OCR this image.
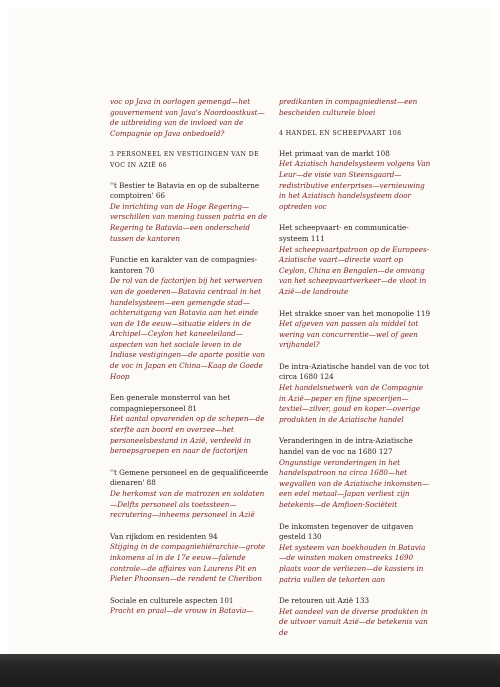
voc op Java in oorlogen gemengd—het gouvernement van Java's Noordoostkust—de uitbreiding van de invloed van de Compagnie op Java onbedoeld?
3 PERSONEEL EN VESTIGINGEN VAN DE VOC IN AZIË 66
''t Bestier te Batavia en op de subalterne comptoiren' 66
De inrichting van de Hoge Regering—verschillen van mening tussen patria en de Regering te Batavia—een onderscheid tussen de kantoren
Functie en karakter van de compagnies-kantoren 70
De rol van de factorijen bij het verwerven van de goederen—Batavia centraal in het handelsysteem—een gemengde stad—achteruitgang van Batavia aan het einde van de 18e eeuw—situatie elders in de Archipel—Ceylon het kaneeleiland—aspecten van het sociale leven in de Indiase vestigingen—de aparte positie van de voc in Japan en China—Kaap de Goede Hoop
Een generale monsterrol van het compagniepersoneel 81
Het aantal opvarenden op de schepen—de sterfte aan boord en overzee—het personeelsbestand in Azië, verdeeld in beroepsgroepen en naar de factorijen
''t Gemene personeel en de gequalificeerde dienaren' 88
De herkomst van de matrozen en soldaten—Delfts personeel als toetssteen—recrutering—inheems personeel in Azië
Van rijkdom en residenten 94
Stijging in de compagniehiërarchie—grote inkomens al in de 17e eeuw—falende controle—de affaires van Laurens Pit en Pieter Phoonsen—de rendent te Cheribon
Sociale en culturele aspecten 101
Pracht en praal—de vrouw in Batavia—
predikanten in compagniedienst—een bescheiden culturele bloei
4 HANDEL EN SCHEEPVAART 108
Het primaat van de markt 108
Het Aziatisch handelsysteem volgens Van Leur—de visie van Steensgaard—redistributive enterprises—vernieuwing in het Aziatisch handelsysteem door optreden voc
Het scheepvaart- en communicatie-systeem 111
Het scheepvaartpatroon op de Europees-Aziatische vaart—directe vaart op Ceylon, China en Bengalen—de omvang van het scheepvaartverkeer—de vloot in Azië—de landroute
Het strakke snoer van het monopolie 119
Het afgeven van passen als middel tot wering van concurrentie—wel of geen vrijhandel?
De intra-Aziatische handel van de voc tot circa 1680 124
Het handelsnetwerk van de Compagnie in Azië—peper en fijne specerijen—textiel—zilver, goud en koper—overige produkten in de Aziatische handel
Veranderingen in de intra-Aziatische handel van de voc na 1680 127
Ongunstige veranderingen in het handelspatroon na circa 1680—het wegvallen van de Aziatische inkomsten—een edel metaal—Japan verliest zijn betekenis—de Amfioen-Sociëteit
De inkomsten tegenover de uitgaven gesteld 130
Het systeem van boekhouden in Batavia—de winsten maken omstreeks 1690 plaats voor de verliezen—de kassiers in patria vullen de tekorten aan
De retouren uit Azië 133
Het aandeel van de diverse produkten in de uitvoer vanuit Azië—de betekenis van de
